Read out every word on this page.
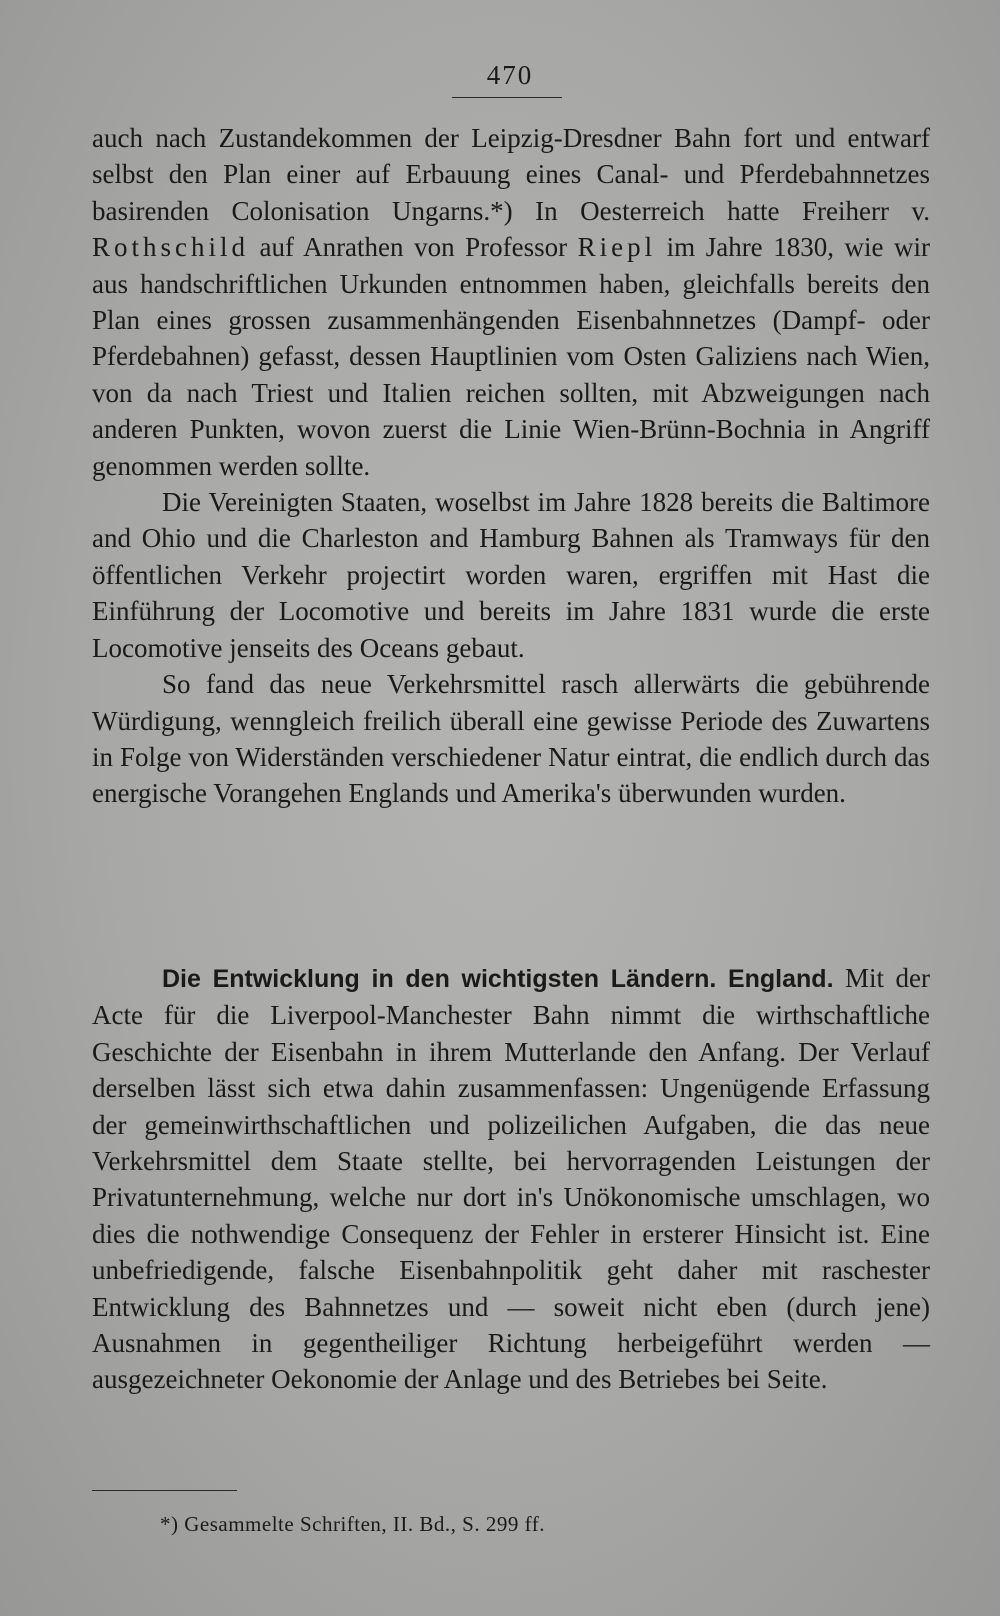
470

auch nach Zustandekommen der Leipzig-Dresdner Bahn fort und entwarf selbst den Plan einer auf Erbauung eines Canal- und Pferdebahnnetzes basirenden Colonisation Ungarns.*) In Oesterreich hatte Freiherr v. Rothschild auf Anrathen von Professor Riepl im Jahre 1830, wie wir aus handschriftlichen Urkunden entnommen haben, gleichfalls bereits den Plan eines grossen zusammenhängenden Eisenbahnnetzes (Dampf- oder Pferdebahnen) gefasst, dessen Hauptlinien vom Osten Galiziens nach Wien, von da nach Triest und Italien reichen sollten, mit Abzweigungen nach anderen Punkten, wovon zuerst die Linie Wien-Brünn-Bochnia in Angriff genommen werden sollte.

Die Vereinigten Staaten, woselbst im Jahre 1828 bereits die Baltimore and Ohio und die Charleston and Hamburg Bahnen als Tramways für den öffentlichen Verkehr projectirt worden waren, ergriffen mit Hast die Einführung der Locomotive und bereits im Jahre 1831 wurde die erste Locomotive jenseits des Oceans gebaut.

So fand das neue Verkehrsmittel rasch allerwärts die gebührende Würdigung, wenngleich freilich überall eine gewisse Periode des Zuwartens in Folge von Widerständen verschiedener Natur eintrat, die endlich durch das energische Vorangehen Englands und Amerika's überwunden wurden.

Die Entwicklung in den wichtigsten Ländern. England. Mit der Acte für die Liverpool-Manchester Bahn nimmt die wirthschaftliche Geschichte der Eisenbahn in ihrem Mutterlande den Anfang. Der Verlauf derselben lässt sich etwa dahin zusammenfassen: Ungenügende Erfassung der gemeinwirthschaftlichen und polizeilichen Aufgaben, die das neue Verkehrsmittel dem Staate stellte, bei hervorragenden Leistungen der Privatunternehmung, welche nur dort in's Unökonomische umschlagen, wo dies die nothwendige Consequenz der Fehler in ersterer Hinsicht ist. Eine unbefriedigende, falsche Eisenbahnpolitik geht daher mit raschester Entwicklung des Bahnnetzes und — soweit nicht eben (durch jene) Ausnahmen in gegentheiliger Richtung herbeigeführt werden — ausgezeichneter Oekonomie der Anlage und des Betriebes bei Seite.

*) Gesammelte Schriften, II. Bd., S. 299 ff.
